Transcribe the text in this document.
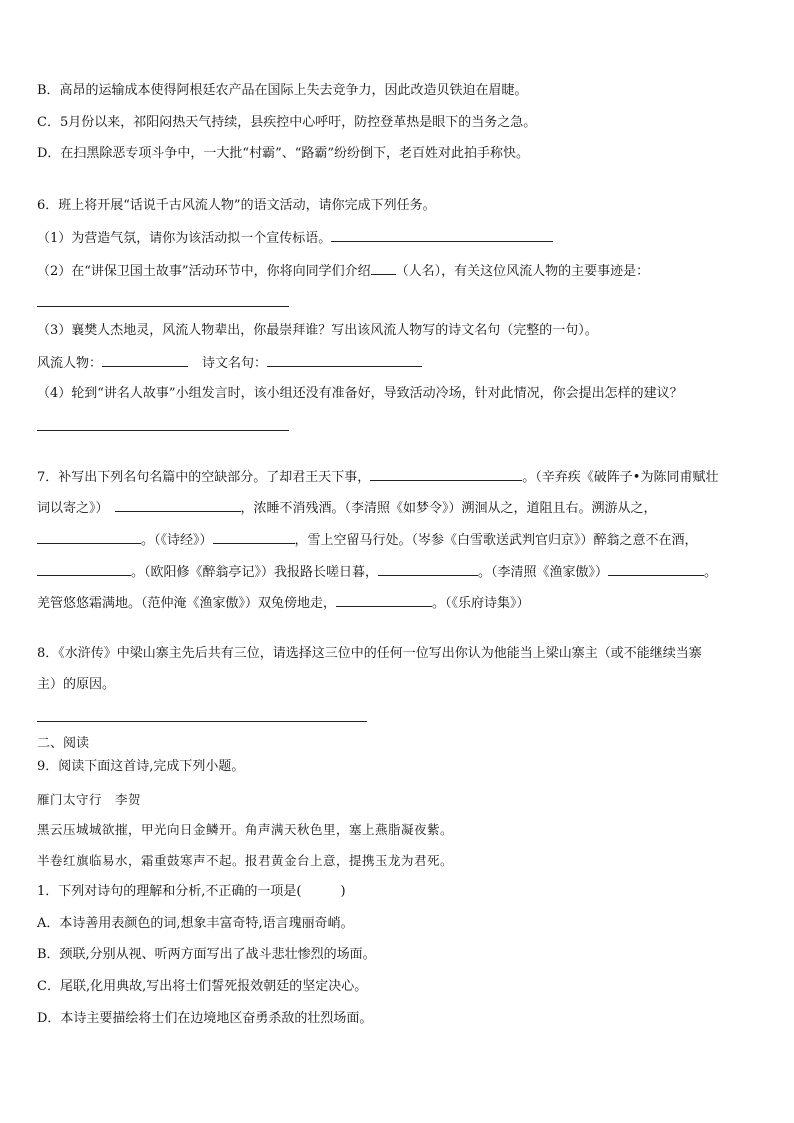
B．高昂的运输成本使得阿根廷农产品在国际上失去竞争力，因此改造贝铁迫在眉睫。
C．5月份以来，祁阳闷热天气持续，县疾控中心呼吁，防控登革热是眼下的当务之急。
D．在扫黑除恶专项斗争中，一大批“村霸”、“路霸”纷纷倒下，老百姓对此拍手称快。
6．班上将开展“话说千古风流人物”的语文活动，请你完成下列任务。
（1）为营造气氛，请你为该活动拟一个宣传标语。
（2）在“讲保卫国土故事”活动环节中，你将向同学们介绍 （人名），有关这位风流人物的主要事迹是：
（3）襄樊人杰地灵，风流人物辈出，你最崇拜谁？写出该风流人物写的诗文名句（完整的一句）。
风流人物：	诗文名句：
（4）轮到“讲名人故事”小组发言时，该小组还没有准备好，导致活动冷场，针对此情况，你会提出怎样的建议？
7．补写出下列名句名篇中的空缺部分。了却君王天下事，	。（辛弃疾《破阵子•为陈同甫赋壮
词以寄之》）	，浓睡不消残酒。（李清照《如梦令》）溯洄从之，道阻且右。溯游从之，
。（《诗经》）	，雪上空留马行处。（岑参《白雪歌送武判官归京》）醉翁之意不在酒，
。（欧阳修《醉翁亭记》）我报路长嗟日暮，	。（李清照《渔家傲》）	。
羌管悠悠霜满地。（范仲淹《渔家傲》）双兔傍地走，	。（《乐府诗集》）
8．《水浒传》中梁山寨主先后共有三位，请选择这三位中的任何一位写出你认为他能当上梁山寨主（或不能继续当寨
主）的原因。
二、阅读
9．阅读下面这首诗,完成下列小题。
雁门太守行　李贺
黑云压城城欲摧，甲光向日金鳞开。角声满天秋色里，塞上燕脂凝夜紫。
半卷红旗临易水，霜重鼓寒声不起。报君黄金台上意，提携玉龙为君死。
1．下列对诗句的理解和分析,不正确的一项是(　　　)
A．本诗善用表颜色的词,想象丰富奇特,语言瑰丽奇峭。
B．颈联,分别从视、听两方面写出了战斗悲壮惨烈的场面。
C．尾联,化用典故,写出将士们誓死报效朝廷的坚定决心。
D．本诗主要描绘将士们在边境地区奋勇杀敌的壮烈场面。
